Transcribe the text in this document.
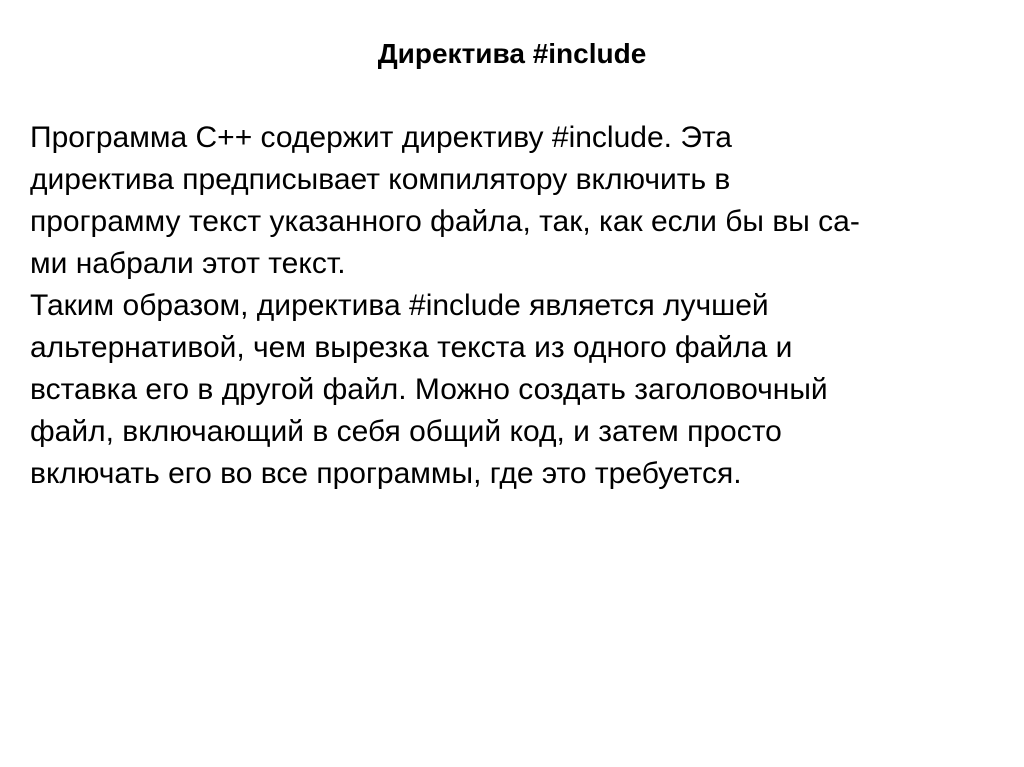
Директива #include
Программа C++ содержит директиву #include. Эта
директива предписывает компилятору включить в
программу текст указанного файла, так, как если бы вы са-
ми набрали этот текст.
Таким образом, директива #include является лучшей
альтернативой, чем вырезка текста из одного файла и
вставка его в другой файл. Можно создать заголовочный
файл, включающий в себя общий код, и затем просто
включать его во все программы, где это требуется.
